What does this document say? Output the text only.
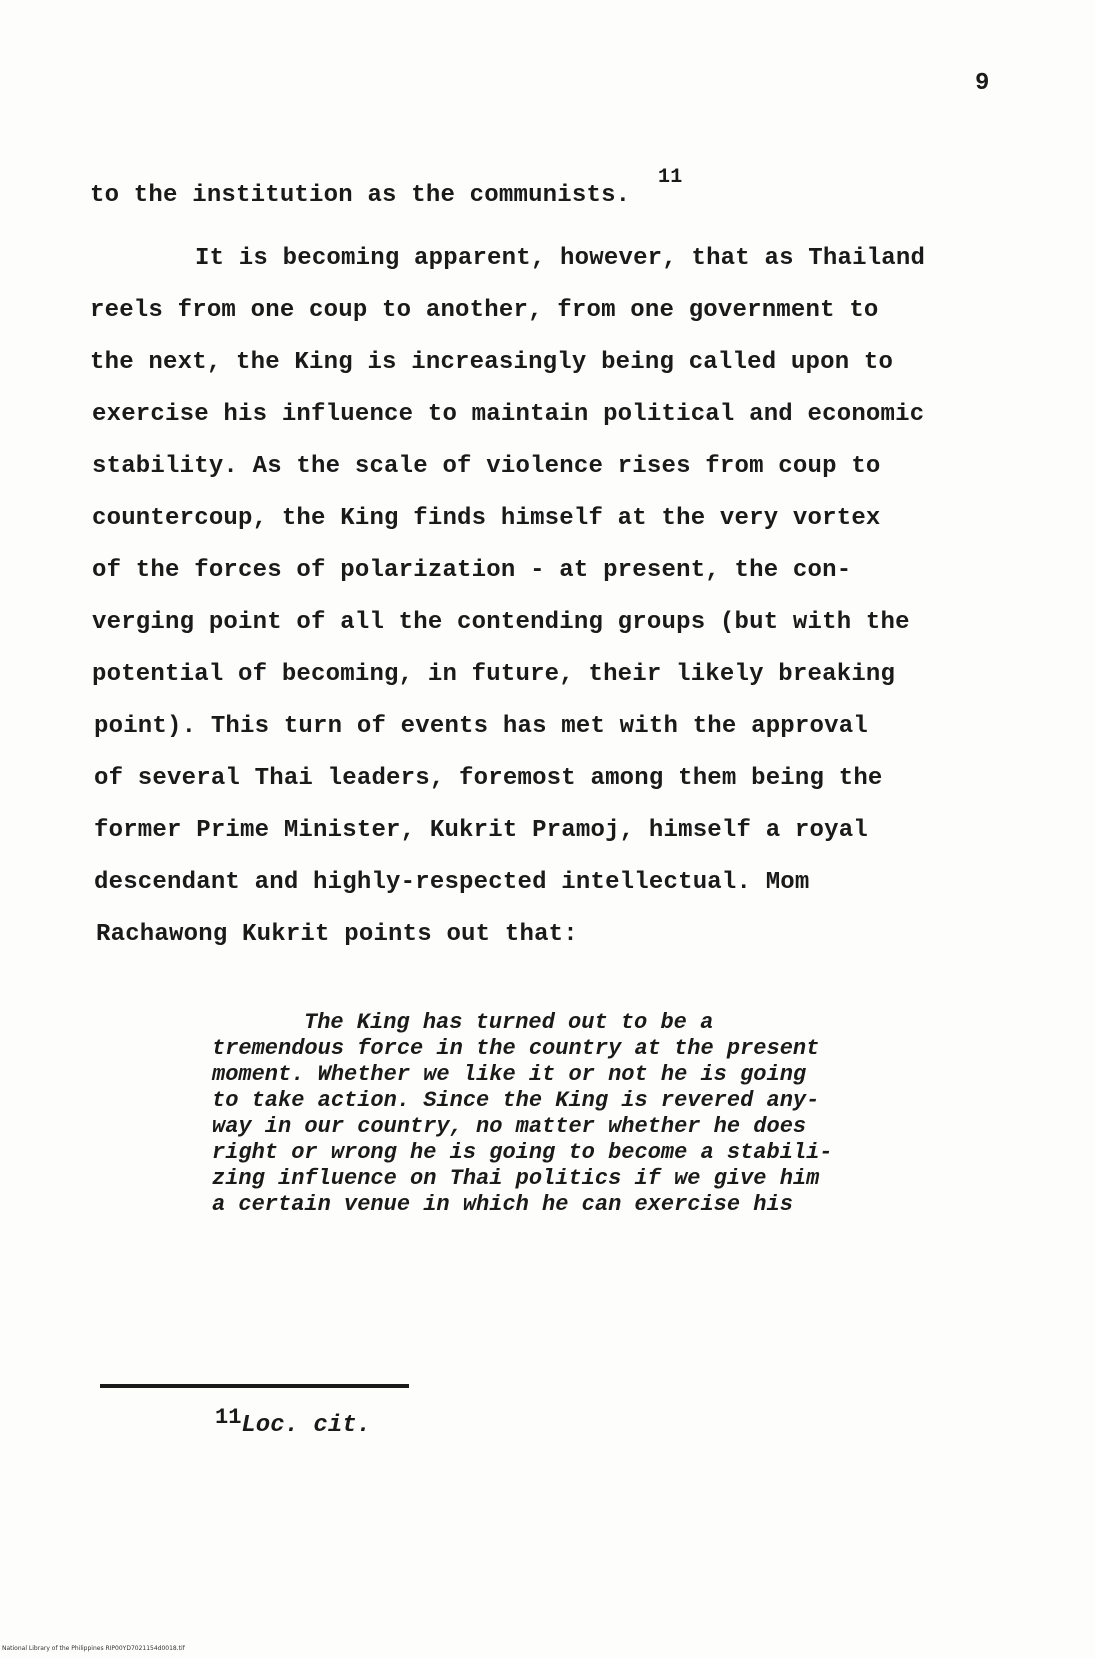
9
to the institution as the communists.
11
It is becoming apparent, however, that as Thailand
reels from one coup to another, from one government to
the next, the King is increasingly being called upon to
exercise his influence to maintain political and economic
stability. As the scale of violence rises from coup to
countercoup, the King finds himself at the very vortex
of the forces of polarization - at present, the con-
verging point of all the contending groups (but with the
potential of becoming, in future, their likely breaking
point). This turn of events has met with the approval
of several Thai leaders, foremost among them being the
former Prime Minister, Kukrit Pramoj, himself a royal
descendant and highly-respected intellectual. Mom
Rachawong Kukrit points out that:
The King has turned out to be a
tremendous force in the country at the present
moment. Whether we like it or not he is going
to take action. Since the King is revered any-
way in our country, no matter whether he does
right or wrong he is going to become a stabili-
zing influence on Thai politics if we give him
a certain venue in which he can exercise his
11Loc. cit.
National Library of the Philippines RIP00YD7021154d0018.tif
